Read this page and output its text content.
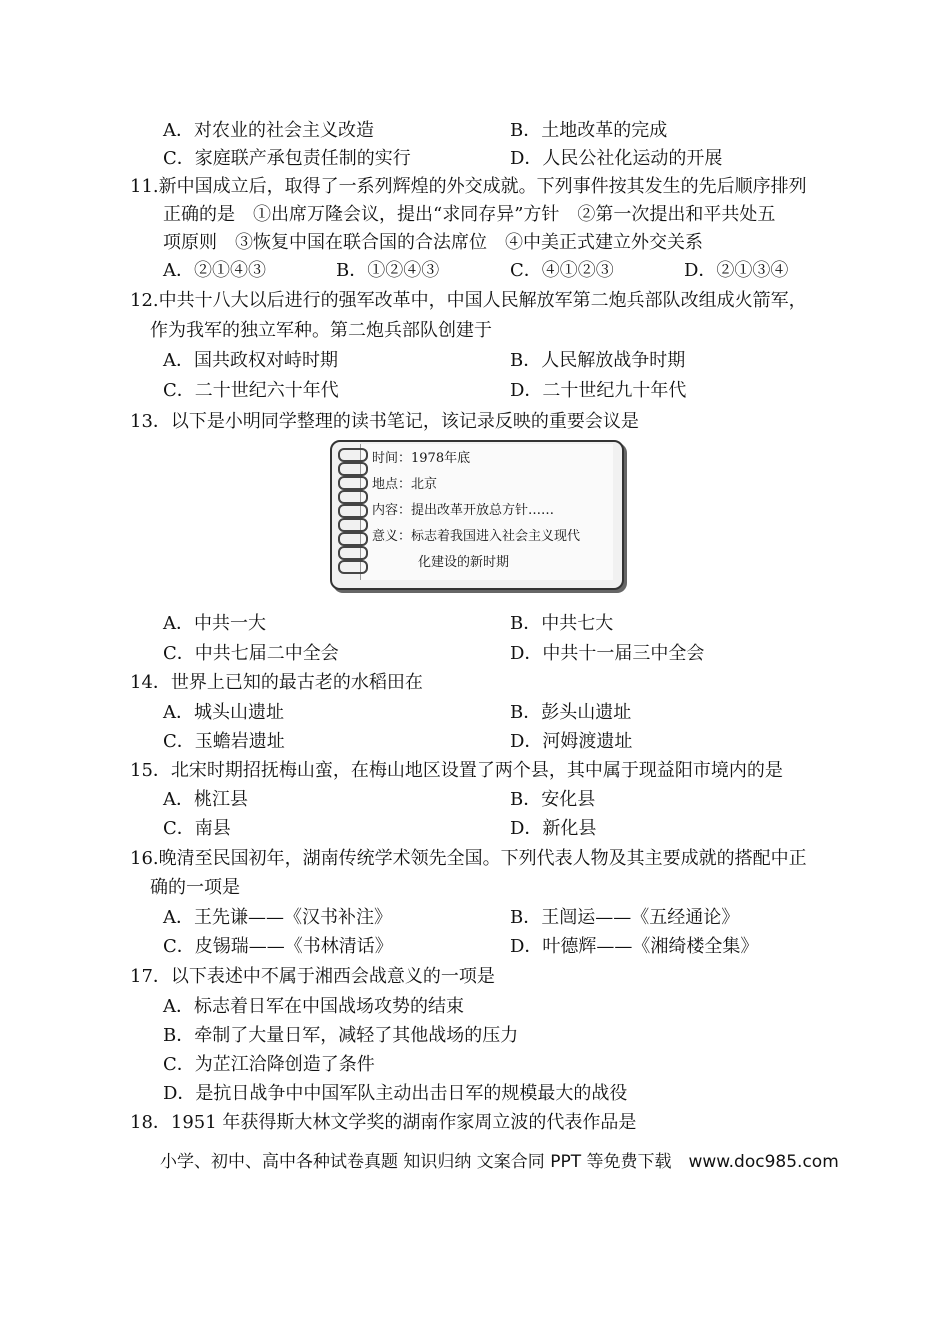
A．对农业的社会主义改造	B．土地改革的完成
C．家庭联产承包责任制的实行	D．人民公社化运动的开展
11.新中国成立后，取得了一系列辉煌的外交成就。下列事件按其发生的先后顺序排列
正确的是　①出席万隆会议，提出“求同存异”方针　②第一次提出和平共处五
项原则　③恢复中国在联合国的合法席位　④中美正式建立外交关系
A．②①④③	B．①②④③	C．④①②③	D．②①③④
12.中共十八大以后进行的强军改革中，中国人民解放军第二炮兵部队改组成火箭军，
作为我军的独立军种。第二炮兵部队创建于
A．国共政权对峙时期	B．人民解放战争时期
C．二十世纪六十年代	D．二十世纪九十年代
13．以下是小明同学整理的读书笔记，该记录反映的重要会议是
时间：1978年底
地点：北京
内容：提出改革开放总方针……
意义：标志着我国进入社会主义现代
化建设的新时期
A．中共一大	B．中共七大
C．中共七届二中全会	D．中共十一届三中全会
14．世界上已知的最古老的水稻田在
A．城头山遗址	B．彭头山遗址
C．玉蟾岩遗址	D．河姆渡遗址
15．北宋时期招抚梅山蛮，在梅山地区设置了两个县，其中属于现益阳市境内的是
A．桃江县	B．安化县
C．南县	D．新化县
16.晚清至民国初年，湖南传统学术领先全国。下列代表人物及其主要成就的搭配中正
确的一项是
A．王先谦——《汉书补注》	B．王闿运——《五经通论》
C．皮锡瑞——《书林清话》	D．叶德辉——《湘绮楼全集》
17．以下表述中不属于湘西会战意义的一项是
A．标志着日军在中国战场攻势的结束
B．牵制了大量日军，减轻了其他战场的压力
C．为芷江洽降创造了条件
D．是抗日战争中中国军队主动出击日军的规模最大的战役
18．1951 年获得斯大林文学奖的湖南作家周立波的代表作品是
小学、初中、高中各种试卷真题 知识归纳 文案合同 PPT 等免费下载　www.doc985.com
